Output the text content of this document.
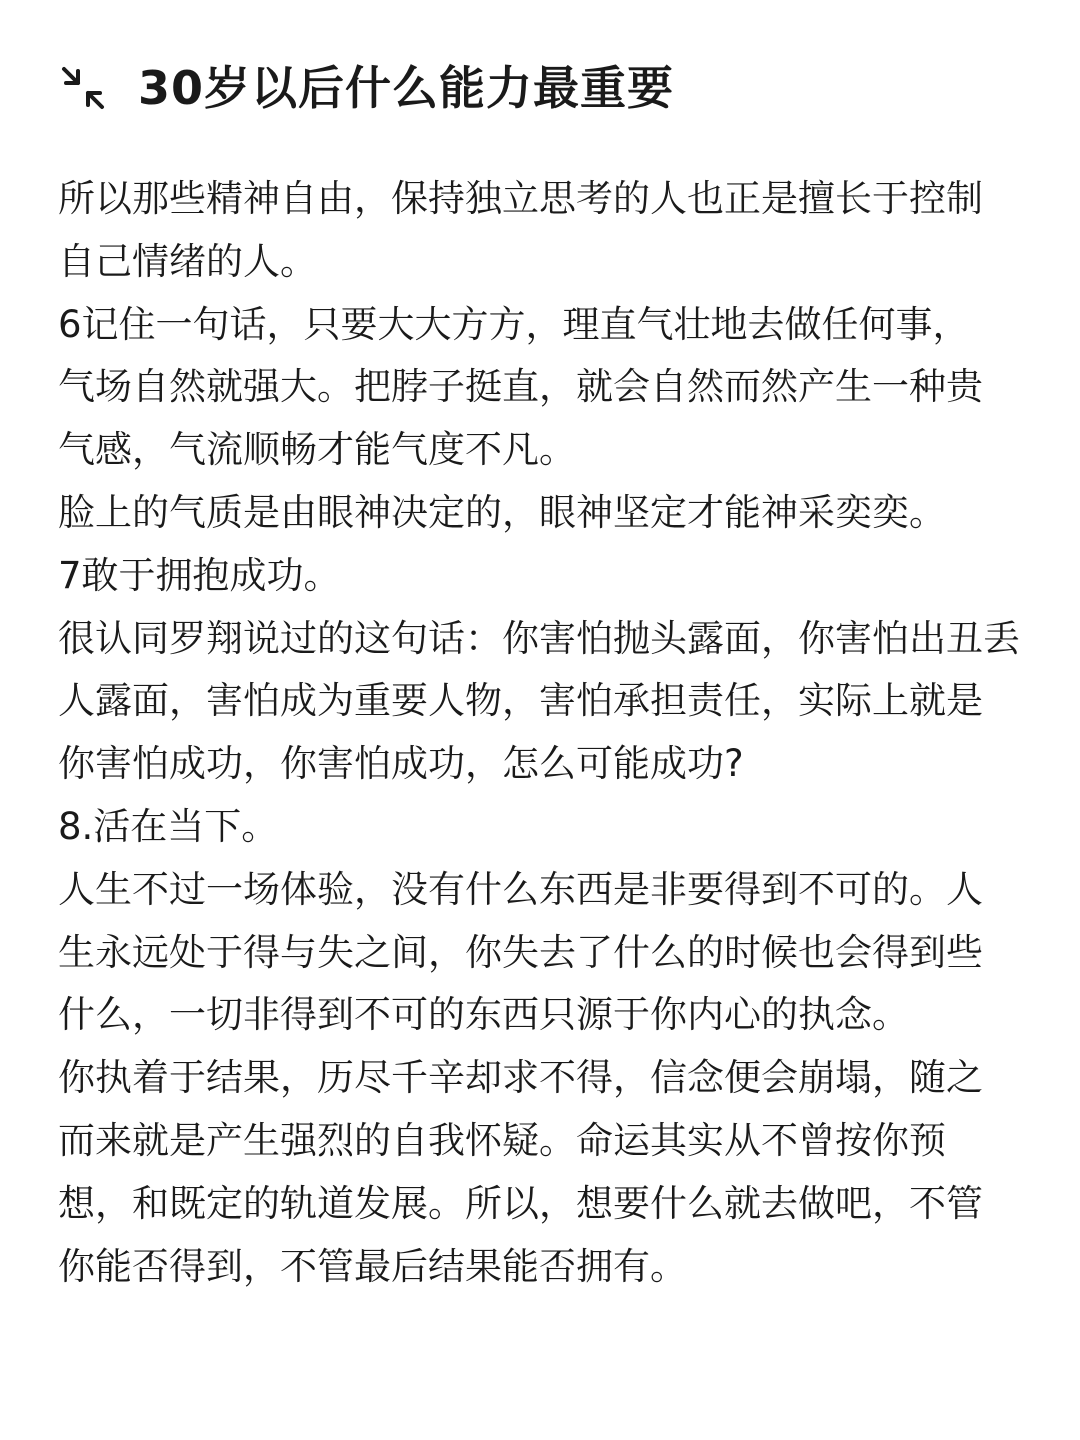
30岁以后什么能力最重要
所以那些精神自由，保持独立思考的人也正是擅长于控制
自己情绪的人。
6记住一句话，只要大大方方，理直气壮地去做任何事，
气场自然就强大。把脖子挺直，就会自然而然产生一种贵
气感，气流顺畅才能气度不凡。
脸上的气质是由眼神决定的，眼神坚定才能神采奕奕。
7敢于拥抱成功。
很认同罗翔说过的这句话：你害怕抛头露面，你害怕出丑丢
人露面，害怕成为重要人物，害怕承担责任，实际上就是
你害怕成功，你害怕成功，怎么可能成功?
8.活在当下。
人生不过一场体验，没有什么东西是非要得到不可的。人
生永远处于得与失之间，你失去了什么的时候也会得到些
什么，一切非得到不可的东西只源于你内心的执念。
你执着于结果，历尽千辛却求不得，信念便会崩塌，随之
而来就是产生强烈的自我怀疑。命运其实从不曾按你预
想，和既定的轨道发展。所以，想要什么就去做吧，不管
你能否得到，不管最后结果能否拥有。
